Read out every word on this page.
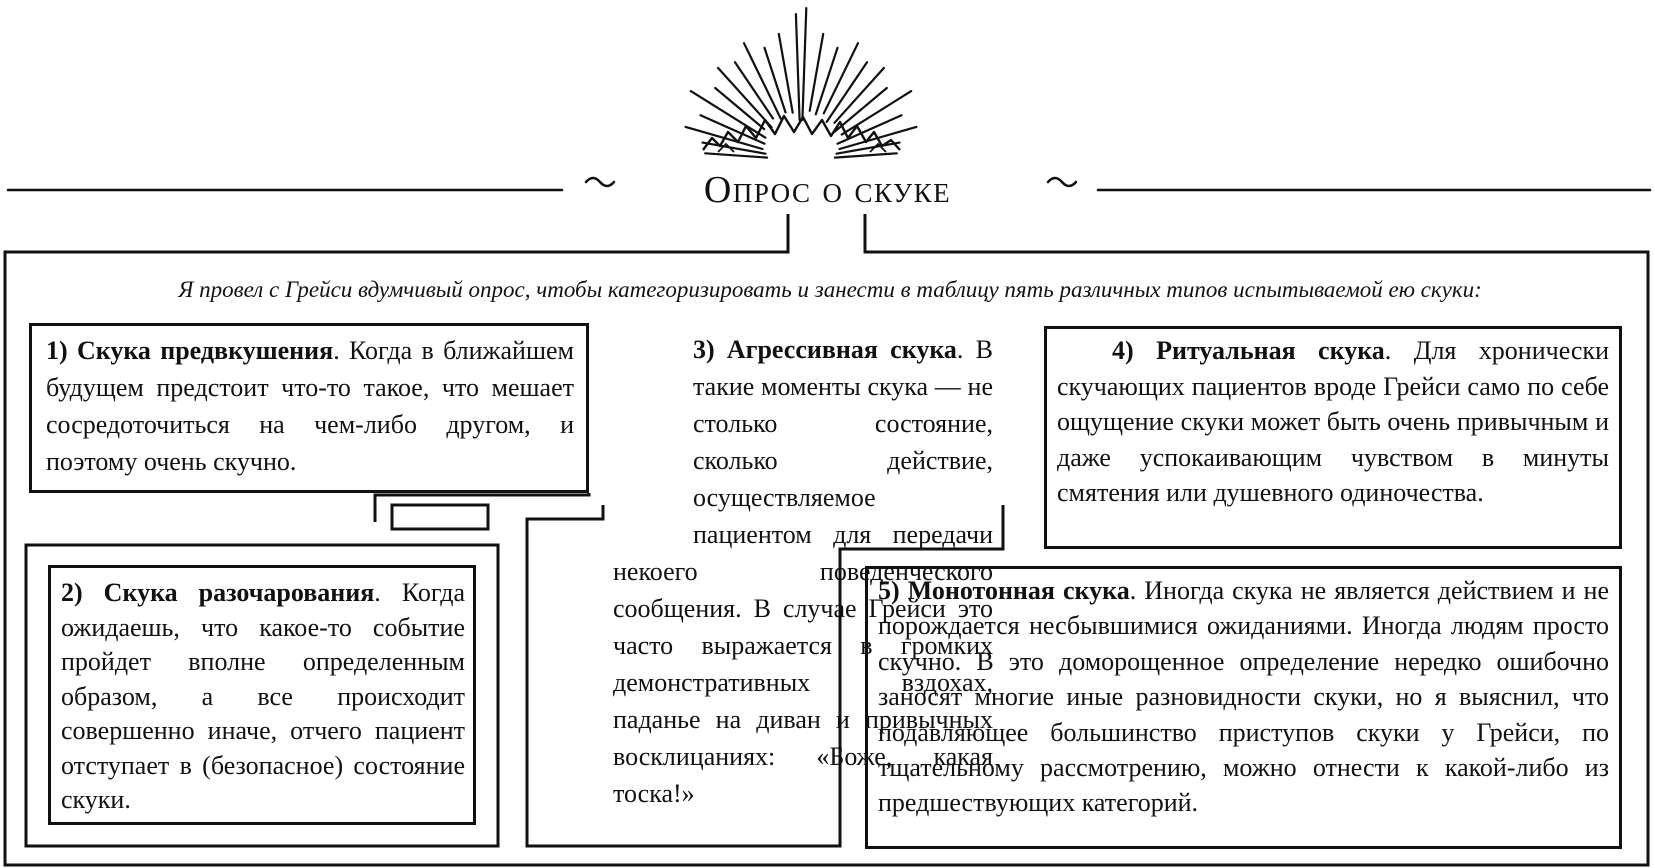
Опрос о скуке
Я провел с Грейси вдумчивый опрос, чтобы категоризировать и занести в таблицу пять различных типов испытываемой ею скуки:
1) Скука предвкушения. Когда в ближайшем будущем предстоит что-то такое, что мешает сосредоточиться на чем-либо другом, и поэтому очень скучно.
2) Скука разочарования. Когда ожидаешь, что какое-то событие пройдет вполне определенным образом, а все происходит совершенно иначе, отчего пациент отступает в (безопасное) состояние скуки.
3) Агрессивная скука. В такие моменты скука — не столько состояние, сколько действие, осуществляемое пациентом для передачи некоего поведенческого сообщения. В случае Грейси это часто выражается в громких демонстративных вздохах, паданье на диван и привычных восклицаниях: «Боже, какая тоска!»
4) Ритуальная скука. Для хронически скучающих пациентов вроде Грейси само по себе ощущение скуки может быть очень привычным и даже успокаивающим чувством в минуты смятения или душевного одиночества.
5) Монотонная скука. Иногда скука не является действием и не порождается несбывшимися ожиданиями. Иногда людям просто скучно. В это доморощенное определение нередко ошибочно заносят многие иные разновидности скуки, но я выяснил, что подавляющее большинство приступов скуки у Грейси, по тщательному рассмотрению, можно отнести к какой-либо из предшествующих категорий.
